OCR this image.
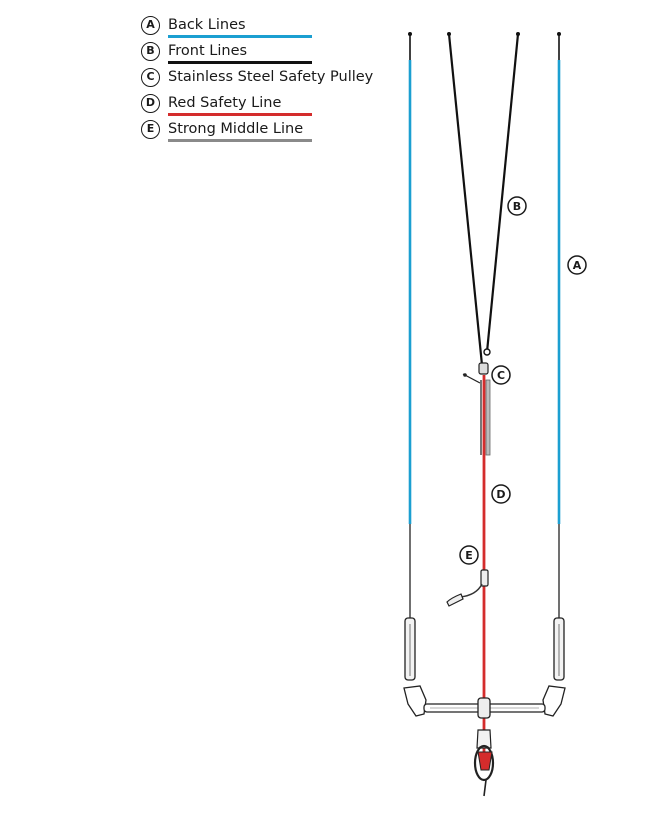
A Back Lines
B Front Lines
C Stainless Steel Safety Pulley
D Red Safety Line
E Strong Middle Line
B
A
C
D
E
